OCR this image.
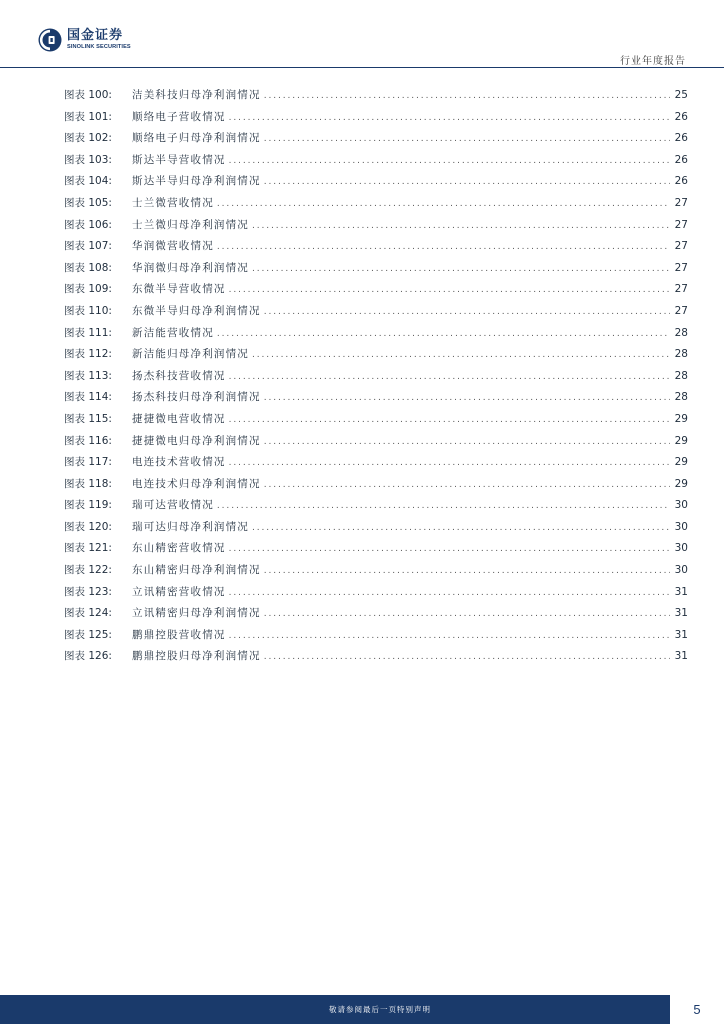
国金证券
SINOLINK SECURITIES
行业年度报告
图表 100:	洁美科技归母净利润情况 .....	25
图表 101:	顺络电子营收情况 .....	26
图表 102:	顺络电子归母净利润情况 .....	26
图表 103:	斯达半导营收情况 .....	26
图表 104:	斯达半导归母净利润情况 .....	26
图表 105:	士兰微营收情况 .....	27
图表 106:	士兰微归母净利润情况 .....	27
图表 107:	华润微营收情况 .....	27
图表 108:	华润微归母净利润情况 .....	27
图表 109:	东微半导营收情况 .....	27
图表 110:	东微半导归母净利润情况 .....	27
图表 111:	新洁能营收情况 .....	28
图表 112:	新洁能归母净利润情况 .....	28
图表 113:	扬杰科技营收情况 .....	28
图表 114:	扬杰科技归母净利润情况 .....	28
图表 115:	捷捷微电营收情况 .....	29
图表 116:	捷捷微电归母净利润情况 .....	29
图表 117:	电连技术营收情况 .....	29
图表 118:	电连技术归母净利润情况 .....	29
图表 119:	瑞可达营收情况 .....	30
图表 120:	瑞可达归母净利润情况 .....	30
图表 121:	东山精密营收情况 .....	30
图表 122:	东山精密归母净利润情况 .....	30
图表 123:	立讯精密营收情况 .....	31
图表 124:	立讯精密归母净利润情况 .....	31
图表 125:	鹏鼎控股营收情况 .....	31
图表 126:	鹏鼎控股归母净利润情况 .....	31
敬请参阅最后一页特别声明	5
